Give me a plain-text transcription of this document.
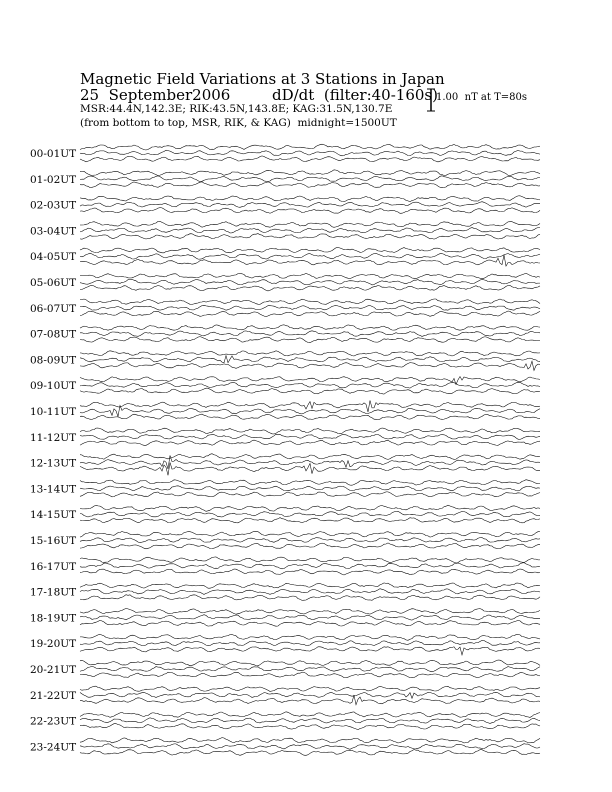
Magnetic Field Variations at 3 Stations in Japan
25  September2006	dD/dt  (filter:40-160s)
MSR:44.4N,142.3E; RIK:43.5N,143.8E; KAG:31.5N,130.7E
(from bottom to top, MSR, RIK, & KAG)  midnight=1500UT
1.00  nT at T=80s
00-01UT
01-02UT
02-03UT
03-04UT
04-05UT
05-06UT
06-07UT
07-08UT
08-09UT
09-10UT
10-11UT
11-12UT
12-13UT
13-14UT
14-15UT
15-16UT
16-17UT
17-18UT
18-19UT
19-20UT
20-21UT
21-22UT
22-23UT
23-24UT
